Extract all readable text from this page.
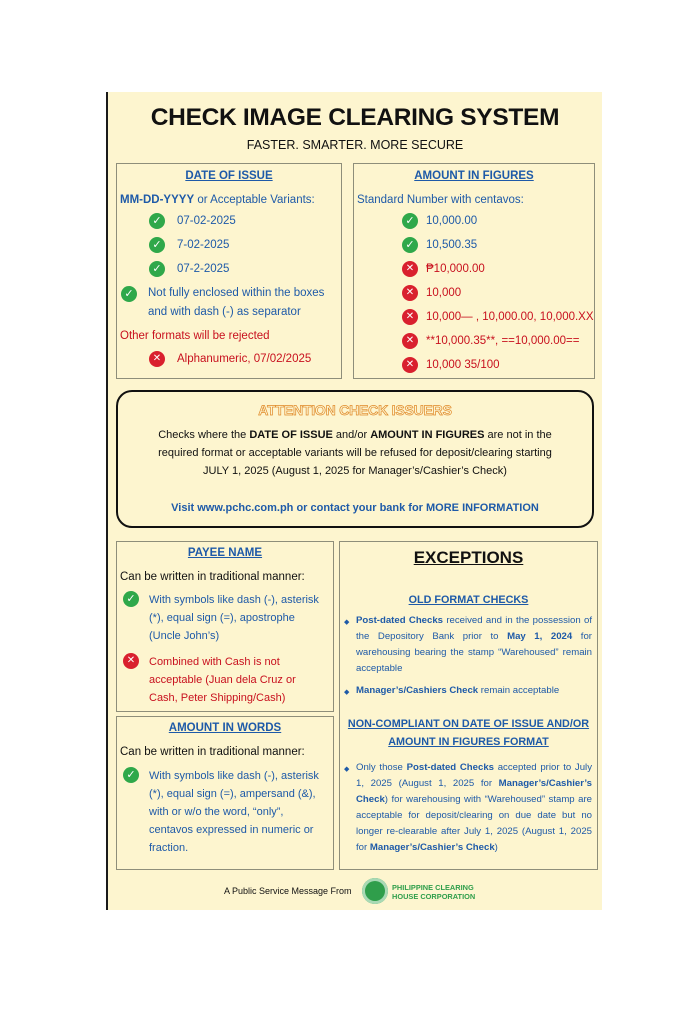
CHECK IMAGE CLEARING SYSTEM
FASTER. SMARTER. MORE SECURE
DATE OF ISSUE
MM-DD-YYYY or Acceptable Variants:
✓ 07-02-2025
✓ 7-02-2025
✓ 07-2-2025
✓ Not fully enclosed within the boxes
and with dash (-) as separator
Other formats will be rejected
✕	Alphanumeric, 07/02/2025
AMOUNT IN FIGURES
Standard Number with centavos:
✓ 10,000.00
✓ 10,500.35
✕	₱10,000.00
✕	10,000
✕	10,000— , 10,000.00, 10,000.XX
✕	**10,000.35**, ==10,000.00==
✕	10,000 35/100
ATTENTION CHECK ISSUERS
Checks where the DATE OF ISSUE and/or AMOUNT IN FIGURES are not in the
required format or acceptable variants will be refused for deposit/clearing starting
JULY 1, 2025 (August 1, 2025 for Manager’s/Cashier’s Check)
Visit www.pchc.com.ph or contact your bank for MORE INFORMATION
PAYEE NAME
Can be written in traditional manner:
✓	With symbols like dash (-), asterisk
(*), equal sign (=), apostrophe
(Uncle John’s)
✕	Combined with Cash is not
acceptable (Juan dela Cruz or
Cash, Peter Shipping/Cash)
AMOUNT IN WORDS
Can be written in traditional manner:
✓	With symbols like dash (-), asterisk
(*), equal sign (=), ampersand (&),
with or w/o the word, “only”,
centavos expressed in numeric or
fraction.
EXCEPTIONS
OLD FORMAT CHECKS
◆ Post-dated Checks received and in the possession of the Depository Bank prior to May 1, 2024 for warehousing bearing the stamp “Warehoused” remain acceptable
◆ Manager’s/Cashiers Check remain acceptable
NON-COMPLIANT ON DATE OF ISSUE AND/OR
AMOUNT IN FIGURES FORMAT
◆ Only those Post-dated Checks accepted prior to July 1, 2025 (August 1, 2025 for Manager’s/Cashier’s Check) for warehousing with “Warehoused” stamp are acceptable for deposit/clearing on due date but no longer re-clearable after July 1, 2025 (August 1, 2025 for Manager’s/Cashier’s Check)
A Public Service Message From	PHILIPPINE CLEARING
HOUSE CORPORATION
